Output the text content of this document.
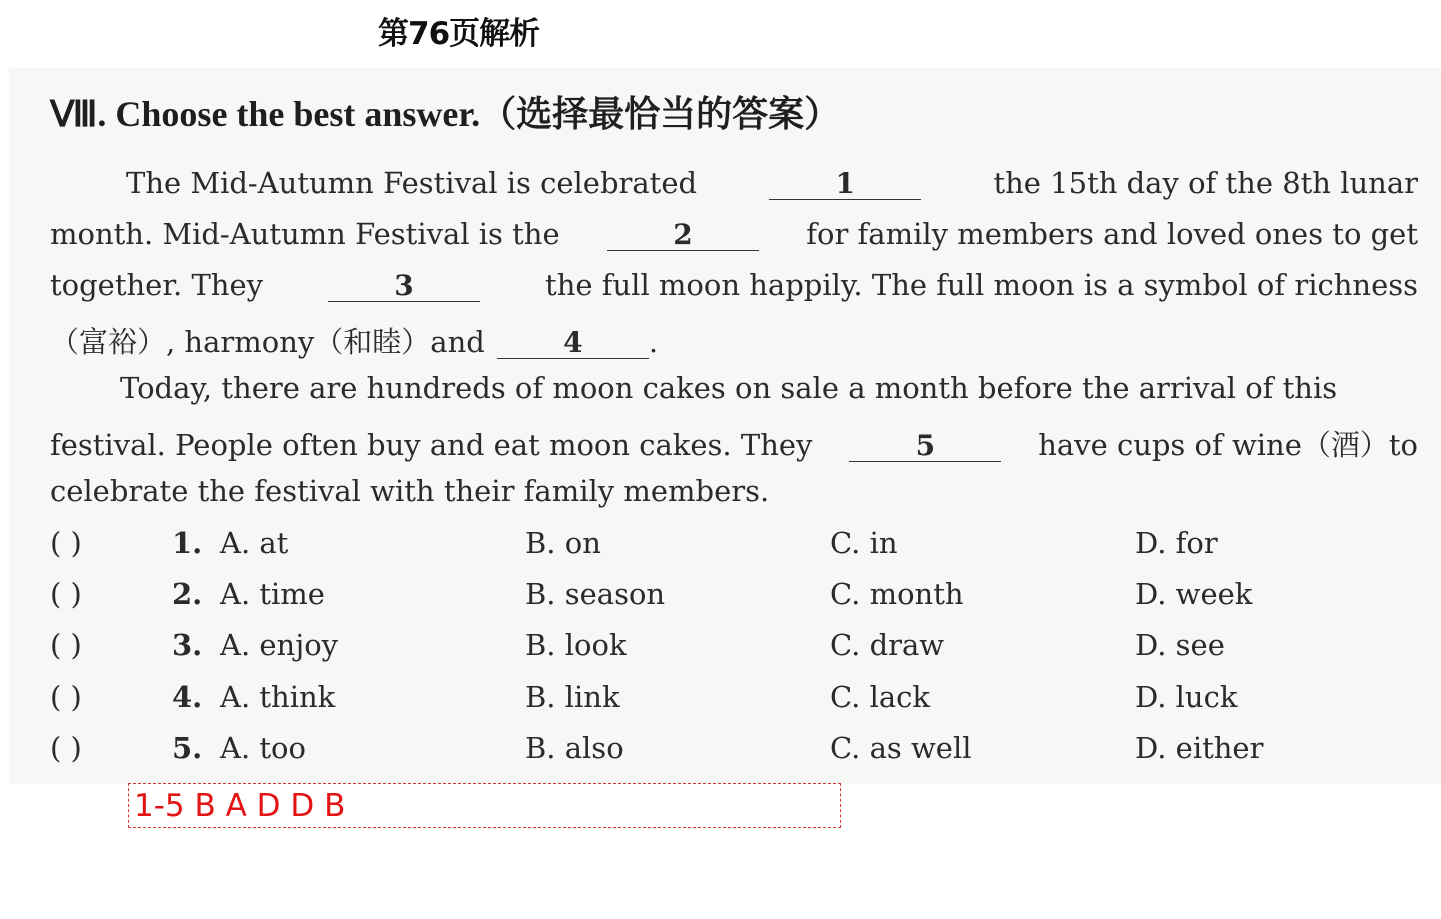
第76页解析
Ⅷ. Choose the best answer.（选择最恰当的答案）
The Mid-Autumn Festival is celebrated	1	the 15th day of the 8th lunar
month. Mid-Autumn Festival is the	2	for family members and loved ones to get
together. They	3	the full moon happily. The full moon is a symbol of richness
（富裕）, harmony（和睦）and	4	.
Today, there are hundreds of moon cakes on sale a month before the arrival of this
festival. People often buy and eat moon cakes. They	5	have cups of wine（酒）to
celebrate the festival with their family members.
( )	1. A. at	B. on	C. in	D. for
( )	2. A. time	B. season	C. month	D. week
( )	3. A. enjoy	B. look	C. draw	D. see
( )	4. A. think	B. link	C. lack	D. luck
( )	5. A. too	B. also	C. as well	D. either
1-5 B A D D B
